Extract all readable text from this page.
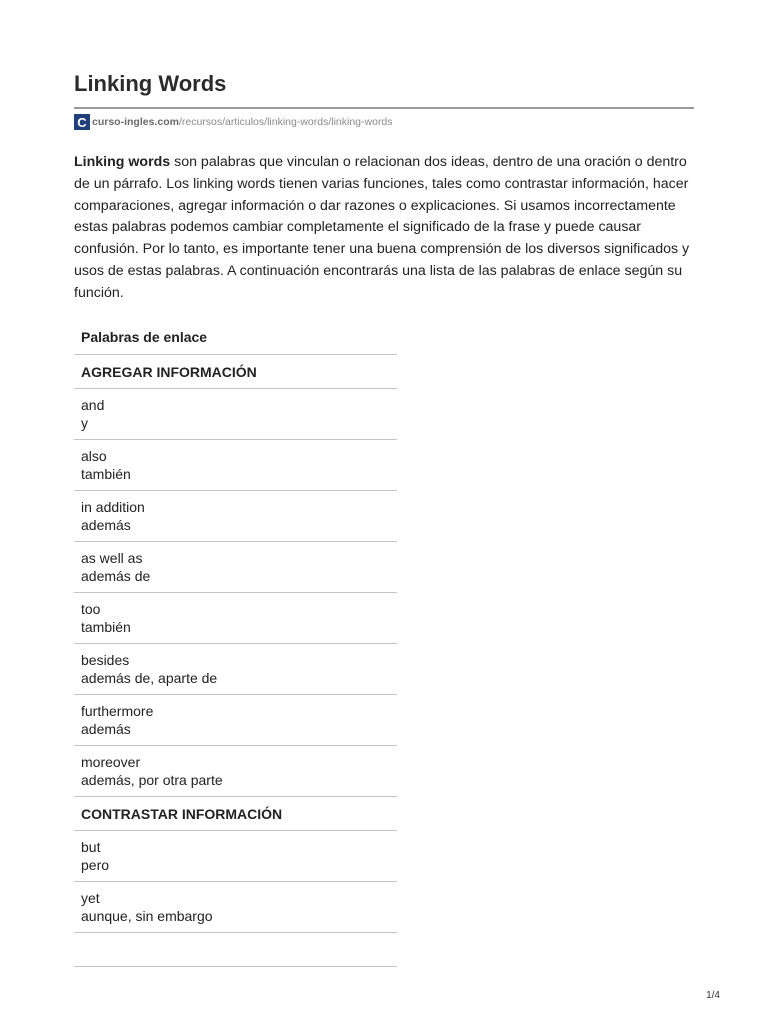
Linking Words
C curso-ingles.com /recursos/articulos/linking-words/linking-words

Linking words son palabras que vinculan o relacionan dos ideas, dentro de una oración o dentro de un párrafo. Los linking words tienen varias funciones, tales como contrastar información, hacer comparaciones, agregar información o dar razones o explicaciones. Si usamos incorrectamente estas palabras podemos cambiar completamente el significado de la frase y puede causar confusión. Por lo tanto, es importante tener una buena comprensión de los diversos significados y usos de estas palabras. A continuación encontrarás una lista de las palabras de enlace según su función.

Palabras de enlace
AGREGAR INFORMACIÓN
and
y
also
también
in addition
además
as well as
además de
too
también
besides
además de, aparte de
furthermore
además
moreover
además, por otra parte
CONTRASTAR INFORMACIÓN
but
pero
yet
aunque, sin embargo
1/4
